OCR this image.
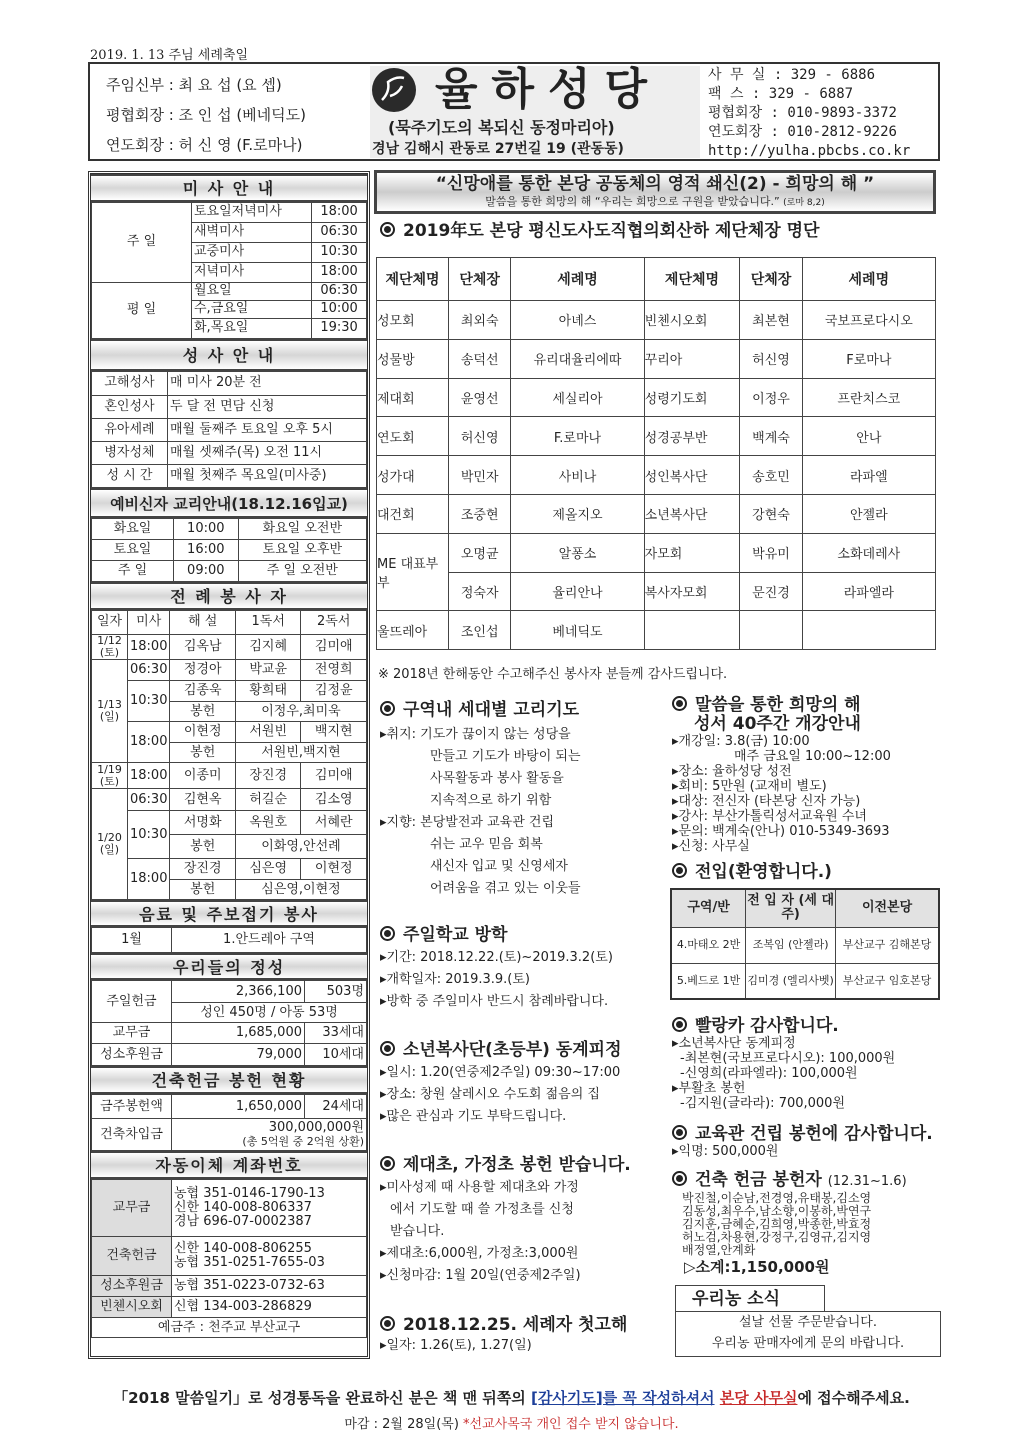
2019. 1. 13 주님 세례축일
주임신부 : 최 요 섭 (요 셉)
평협회장 : 조 인 섭 (베네딕도)
연도회장 : 허 신 영 (F.로마나)
율하성당
(묵주기도의 복되신 동정마리아)
경남 김해시 관동로 27번길 19 (관동동)
사 무 실 : 329 - 6886
팩 스 : 329 - 6887
평협회장 : 010-9893-3372
연도회장 : 010-2812-9226
http://yulha.pbcbs.co.kr
미 사 안 내
주 일	토요일저녁미사	18:00
	새벽미사	06:30
	교중미사	10:30
	저녁미사	18:00
평 일	월요일	06:30
	수,금요일	10:00
	화,목요일	19:30
성 사 안 내
고해성사	매 미사 20분 전
혼인성사	두 달 전 면담 신청
유아세례	매월 둘째주 토요일 오후 5시
병자성체	매월 셋째주(목) 오전 11시
성 시 간	매월 첫째주 목요일(미사중)
예비신자 교리안내(18.12.16입교)
화요일	10:00	화요일 오전반
토요일	16:00	토요일 오후반
주 일	09:00	주 일 오전반
전 례 봉 사 자
일자	미사	해 설	1독서	2독서
1/12 (토)	18:00	김옥남	김지혜	김미애
1/13 (일)	06:30	정경아	박교윤	전영희
	10:30	김종욱	황희태	김정윤
		봉헌	이정우,최미욱	
	18:00	이현정	서원빈	백지현
		봉헌	서원빈,백지현	
1/19 (토)	18:00	이종미	장진경	김미애
1/20 (일)	06:30	김현옥	허길순	김소영
	10:30	서명화	옥원호	서혜란
		봉헌	이화영,안선례	
	18:00	장진경	심은영	이현정
		봉헌	심은영,이현정	
음료 및 주보접기 봉사
1월	1.안드레아 구역
우리들의 정성
주일헌금	2,366,100	503명
	성인 450명 / 아동 53명	
교무금	1,685,000	33세대
성소후원금	79,000	10세대
건축헌금 봉헌 현황
금주봉헌액	1,650,000	24세대
건축차입금	300,000,000원
(총 5억원 중 2억원 상환)	
자동이체 계좌번호
교무금	농협 351-0146-1790-13
신한 140-008-806337
경남 696-07-0002387

건축헌금	신한 140-008-806255
농협 351-0251-7655-03

성소후원금	농협 351-0223-0732-63
빈첸시오회	신협 134-003-286829
예금주 : 천주교 부산교구	
“신망애를 통한 본당 공동체의 영적 쇄신(2) - 희망의 해 ”
말씀을 통한 희망의 해 “우리는 희망으로 구원을 받았습니다.” (로마 8,2)
2019年도 본당 평신도사도직협의회산하 제단체장 명단
제단체명	단체장	세례명	제단체명	단체장	세례명
성모회	최외숙	아녜스	빈첸시오회	최본현	국보프로다시오
성물방	송덕선	유리대율리에따	꾸리아	허신영	F로마나
제대회	윤영선	세실리아	성령기도회	이정우	프란치스코
연도회	허신영	F.로마나	성경공부반	백계숙	안나
성가대	박민자	사비나	성인복사단	송호민	라파엘
대건회	조중현	제올지오	소년복사단	강현숙	안젤라
ME 대표부부	오명균	알퐁소	자모회	박유미	소화데레사
	정숙자	율리안나	복사자모회	문진경	라파엘라
울뜨레아	조인섭	베네딕도			
※ 2018년 한해동안 수고해주신 봉사자 분들께 감사드립니다.
구역내 세대별 고리기도
▸취지: 기도가 끊이지 않는 성당을
만들고 기도가 바탕이 되는
사목활동과 봉사 활동을
지속적으로 하기 위함
▸지향: 본당발전과 교육관 건립
쉬는 교우 믿음 회복
새신자 입교 및 신영세자
어려움을 겪고 있는 이웃들
주일학교 방학
▸기간: 2018.12.22.(토)~2019.3.2(토)
▸개학일자: 2019.3.9.(토)
▸방학 중 주일미사 반드시 참례바랍니다.
소년복사단(초등부) 동계피정
▸일시: 1.20(연중제2주일) 09:30~17:00
▸장소: 창원 살레시오 수도회 젊음의 집
▸많은 관심과 기도 부탁드립니다.
제대초, 가정초 봉헌 받습니다.
▸미사성제 때 사용할 제대초와 가정
에서 기도할 때 쓸 가정초를 신청
받습니다.
▸제대초:6,000원, 가정초:3,000원
▸신청마감: 1월 20일(연중제2주일)
2018.12.25. 세례자 첫고해
▸일자: 1.26(토), 1.27(일)
말씀을 통한 희망의 해
성서 40주간 개강안내
▸개강일: 3.8(금) 10:00
매주 금요일 10:00~12:00
▸장소: 율하성당 성전
▸회비: 5만원 (교재비 별도)
▸대상: 전신자 (타본당 신자 가능)
▸강사: 부산가톨릭성서교육원 수녀
▸문의: 백계숙(안나) 010-5349-3693
▸신청: 사무실
전입(환영합니다.)
구역/반	전 입 자 (세 대 주)	이전본당
4.마태오 2반	조복임 (안젤라)	부산교구 김해본당
5.베드로 1반	김미경 (엘리사벳)	부산교구 임호본당
빨랑카 감사합니다.
▸소년복사단 동계피정
-최본현(국보프로다시오): 100,000원
-신영희(라파엘라): 100,000원
▸부활초 봉헌
-김지원(글라라): 700,000원
교육관 건립 봉헌에 감사합니다.
▸익명: 500,000원
건축 헌금 봉헌자 (12.31~1.6)
박진철,이순남,전경영,유태봉,김소영
김동성,최우수,남소향,이봉하,박연구
김지훈,금혜순,김희영,박종한,박효정
허노검,차용현,강정구,김영규,김지영
배정열,안계화
▷소계:1,150,000원
우리농 소식
설날 선물 주문받습니다.
우리농 판매자에게 문의 바랍니다.
「2018 말씀일기」로 성경통독을 완료하신 분은 책 맨 뒤쪽의 [감사기도]를 꼭 작성하셔서 본당 사무실에 접수해주세요.
마감 : 2월 28일(목) *선교사목국 개인 접수 받지 않습니다.
